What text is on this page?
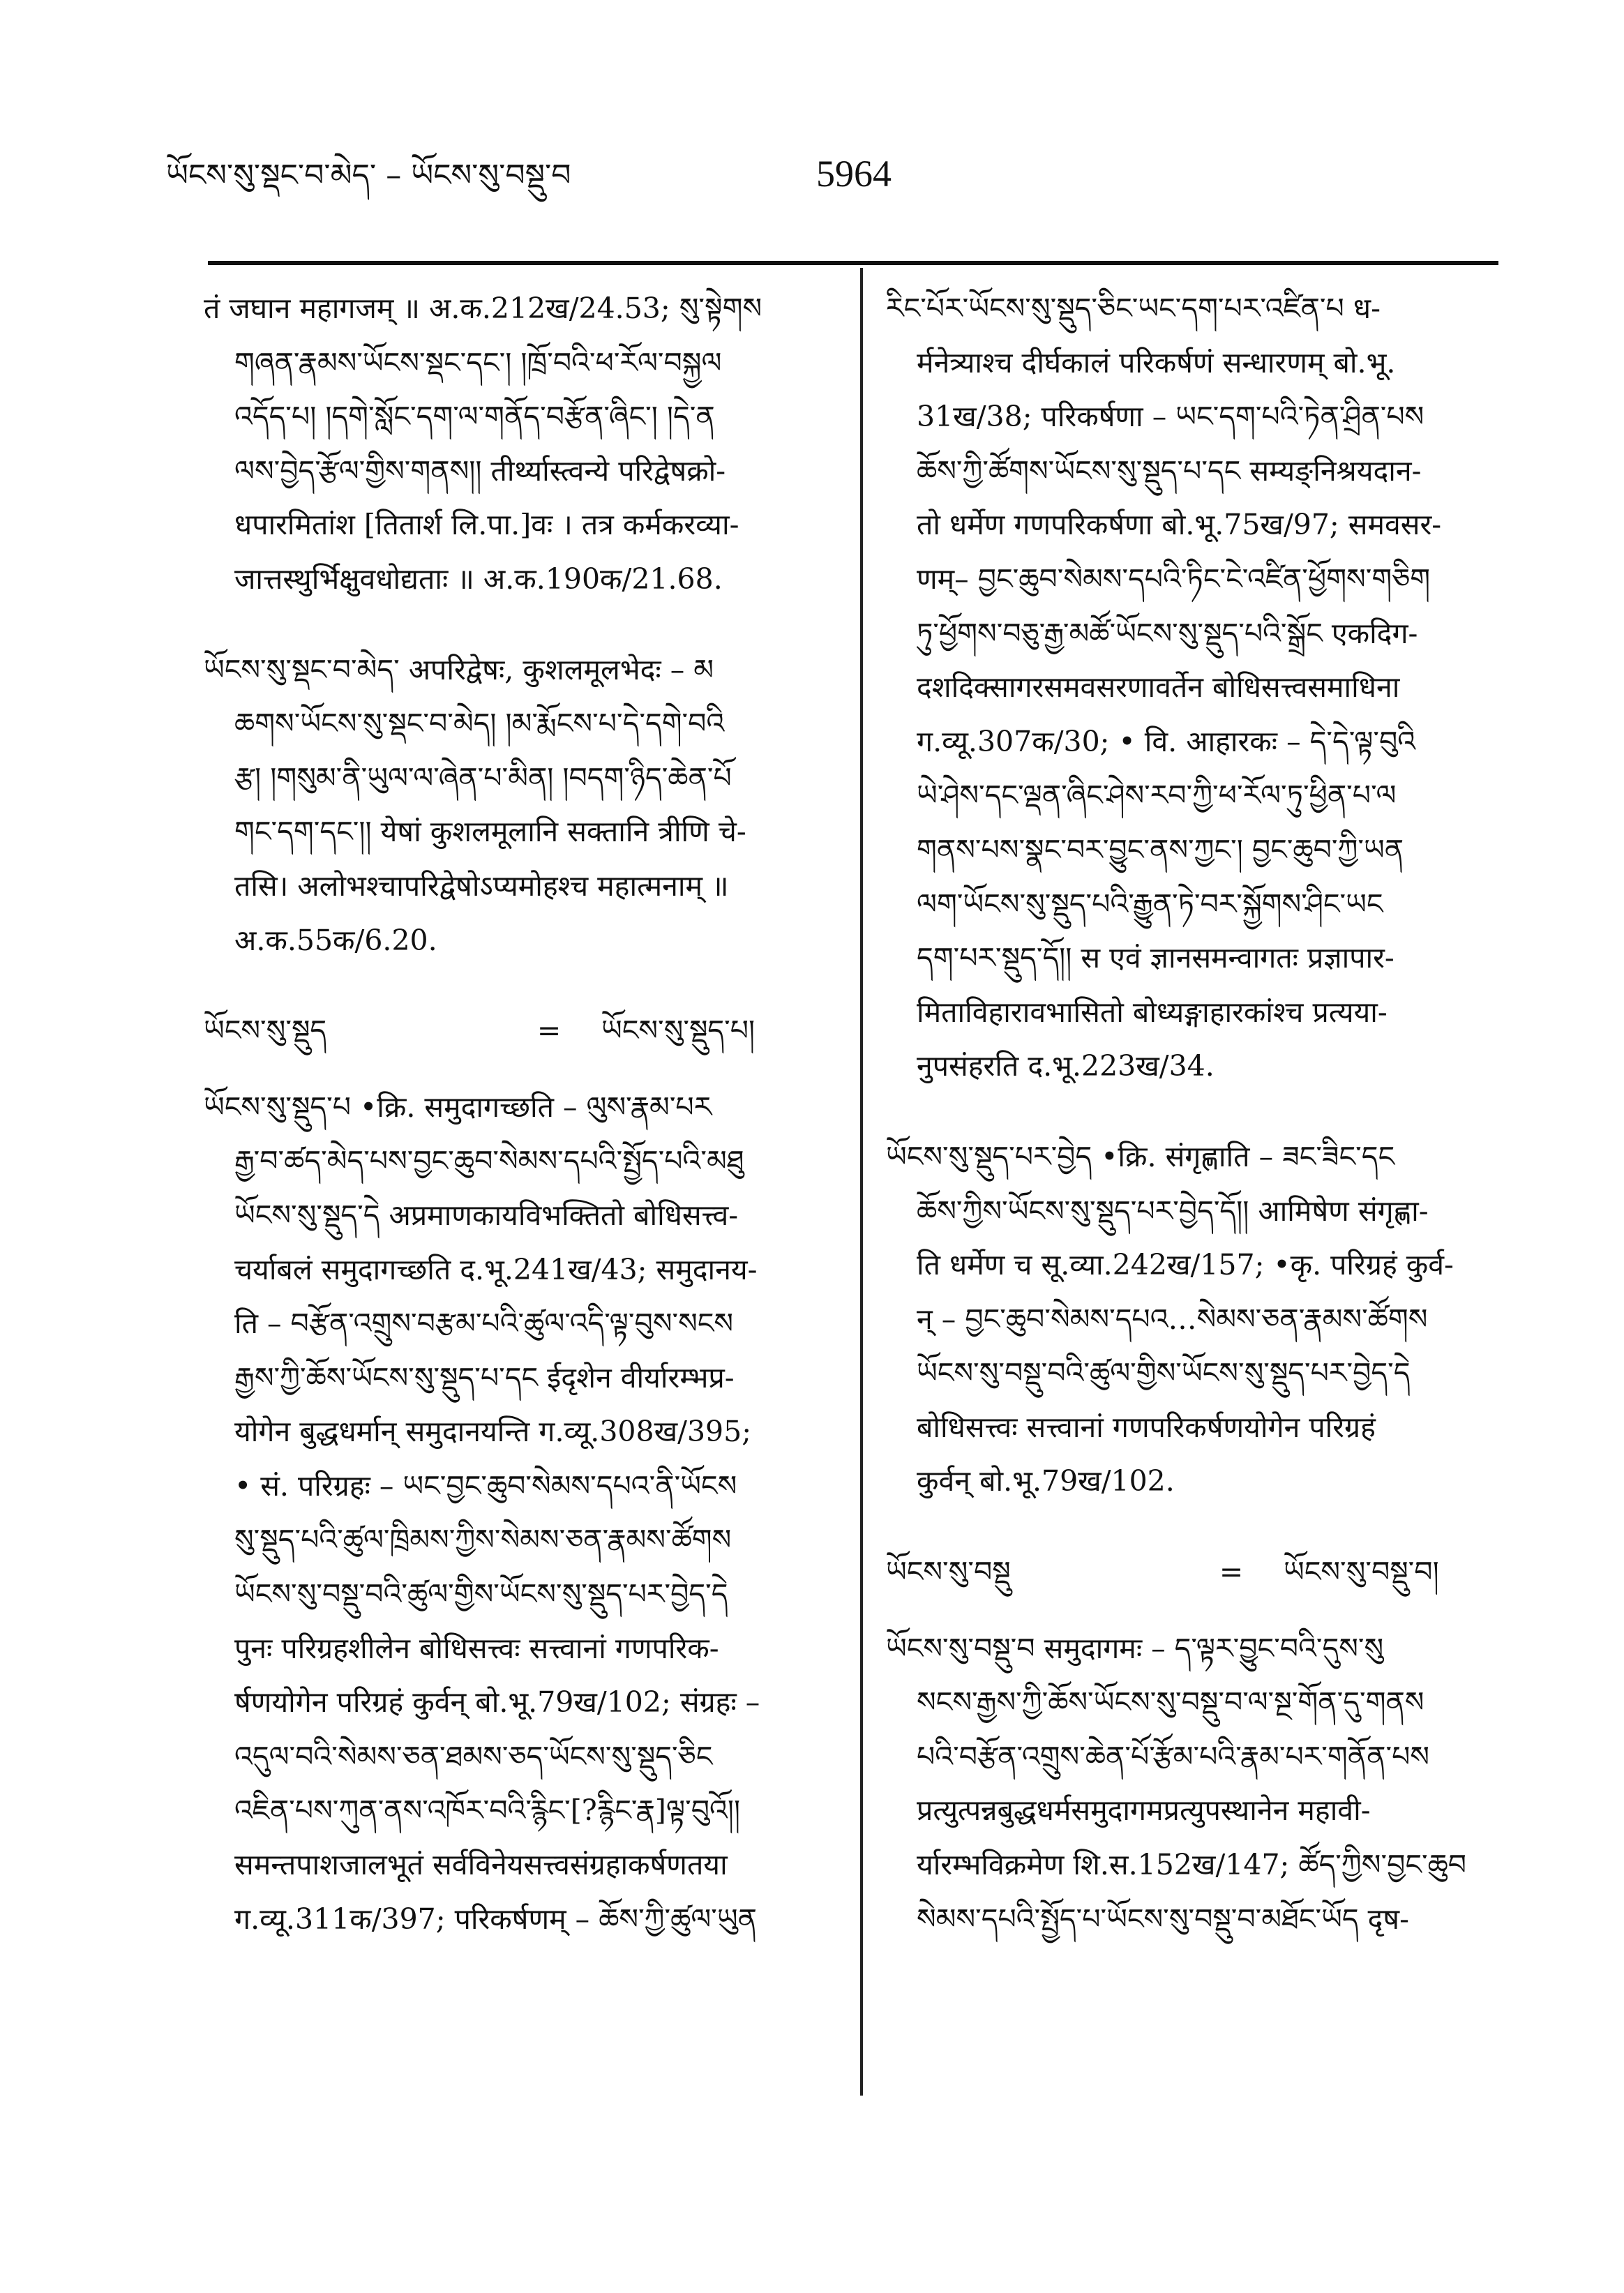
ཡོངས་སུ་སྡང་བ་མེད་ – ཡོངས་སུ་བསྡུ་བ	5964
तं जघान महागजम् ॥ अ.क.212ख/24.53; སུ་སྟེགས
གཞན་རྣམས་ཡོངས་སྡང་དང་། །ཁྲོ་བའི་ཕ་རོལ་བསྐྱལ
འདོད་པ། །དགེ་སློང་དག་ལ་གནོད་བརྩོན་ཞིང་། །དེ་ན
ལས་བྱེད་རྩོལ་གྱིས་གནས།། तीर्थ्यास्त्वन्ये परिद्वेषक्रो-
धपारमितांश [तितार्श लि.पा.]वः । तत्र कर्मकरव्या-
जात्तस्थुर्भिक्षुवधोद्यताः ॥ अ.क.190क/21.68.
ཡོངས་སུ་སྡང་བ་མེད་ अपरिद्वेषः, कुशलमूलभेदः – མ
ཆགས་ཡོངས་སུ་སྡང་བ་མེད། །མ་རྨོངས་པ་དེ་དགེ་བའི
རྩ། །གསུམ་ནི་ཡུལ་ལ་ཞེན་པ་མིན། །བདག་ཉིད་ཆེན་པོ
གང་དག་དང་།། येषां कुशलमूलानि सक्तानि त्रीणि चे-
तसि। अलोभश्चापरिद्वेषोऽप्यमोहश्च महात्मनाम् ॥
अ.क.55क/6.20.
ཡོངས་སུ་སྡུད	=	ཡོངས་སུ་སྡུད་པ།
ཡོངས་སུ་སྡུད་པ •क्रि. समुदागच्छति – ལུས་རྣམ་པར
རྒྱ་བ་ཚད་མེད་པས་བྱང་ཆུབ་སེམས་དཔའི་སྤྱོད་པའི་མཐུ
ཡོངས་སུ་སྡུད་དེ अप्रमाणकायविभक्तितो बोधिसत्त्व-
चर्याबलं समुदागच्छति द.भू.241ख/43; समुदानय-
ति – བརྩོན་འགྲུས་བརྩམ་པའི་ཚུལ་འདི་ལྟ་བུས་སངས
རྒྱས་ཀྱི་ཆོས་ཡོངས་སུ་སྡུད་པ་དང ईदृशेन वीर्यारम्भप्र-
योगेन बुद्धधर्मान् समुदानयन्ति ग.व्यू.308ख/395;
• सं. परिग्रहः – ཡང་བྱང་ཆུབ་སེམས་དཔའ་ནི་ཡོངས
སུ་སྡུད་པའི་ཚུལ་ཁྲིམས་ཀྱིས་སེམས་ཅན་རྣམས་ཚོགས
ཡོངས་སུ་བསྡུ་བའི་ཚུལ་གྱིས་ཡོངས་སུ་སྡུད་པར་བྱེད་དེ
पुनः परिग्रहशीलेन बोधिसत्त्वः सत्त्वानां गणपरिक-
र्षणयोगेन परिग्रहं कुर्वन् बो.भू.79ख/102; संग्रहः –
འདུལ་བའི་སེམས་ཅན་ཐམས་ཅད་ཡོངས་སུ་སྡུད་ཅིང
འཇིན་པས་ཀུན་ནས་འཁོར་བའི་རྙིང་[?རྙིང་རྣ]ལྟ་བུའོ།།
समन्तपाशजालभूतं सर्वविनेयसत्त्वसंग्रहाकर्षणतया
ग.व्यू.311क/397; परिकर्षणम् – ཆོས་ཀྱི་ཚུལ་ཡུན
རིང་པོར་ཡོངས་སུ་སྡུད་ཅིང་ཡང་དག་པར་འཛིན་པ ध-
र्मनेत्र्याश्च दीर्घकालं परिकर्षणं सन्धारणम् बो.भू.
31ख/38; परिकर्षणा – ཡང་དག་པའི་ཏེན་ཤྲིན་པས
ཆོས་ཀྱི་ཚོགས་ཡོངས་སུ་སྡུད་པ་དང सम्यङ्निश्रयदान-
तो धर्मेण गणपरिकर्षणा बो.भू.75ख/97; समवसर-
णम्– བྱང་ཆུབ་སེམས་དཔའི་ཏིང་ངེ་འཛིན་ཕྱོགས་གཅིག
ཏུ་ཕྱོགས་བཅུ་རྒྱ་མཚོ་ཡོངས་སུ་སྡུད་པའི་སྒྲོང एकदिग-
दशदिक्सागरसमवसरणावर्तेन बोधिसत्त्वसमाधिना
ग.व्यू.307क/30; • वि. आहारकः – དེ་དེ་ལྟ་བུའི
ཡེ་ཤེས་དང་ལྡན་ཞིང་ཤེས་རབ་ཀྱི་ཕ་རོལ་ཏུ་ཕྱིན་པ་ལ
གནས་པས་སྣང་བར་བྱུང་ནས་ཀྱང་། བྱང་ཆུབ་ཀྱི་ཡན
ལག་ཡོངས་སུ་སྡུད་པའི་རྒྱུན་ཏེ་བར་སྐྱོགས་ཤིང་ཡང
དག་པར་སྡུད་དོ།། स एवं ज्ञानसमन्वागतः प्रज्ञापार-
मिताविहारावभासितो बोध्यङ्गाहारकांश्च प्रत्यया-
नुपसंहरति द.भू.223ख/34.
ཡོངས་སུ་སྡུད་པར་བྱེད •क्रि. संगृह्णाति – ཟང་ཟིང་དང
ཆོས་ཀྱིས་ཡོངས་སུ་སྡུད་པར་བྱེད་དོ།། आमिषेण संगृह्णा-
ति धर्मेण च सू.व्या.242ख/157; •कृ. परिग्रहं कुर्व-
न् – བྱང་ཆུབ་སེམས་དཔའ…སེམས་ཅན་རྣམས་ཚོགས
ཡོངས་སུ་བསྡུ་བའི་ཚུལ་གྱིས་ཡོངས་སུ་སྡུད་པར་བྱེད་དེ
बोधिसत्त्वः सत्त्वानां गणपरिकर्षणयोगेन परिग्रहं
कुर्वन् बो.भू.79ख/102.
ཡོངས་སུ་བསྡུ	=	ཡོངས་སུ་བསྡུ་བ།
ཡོངས་སུ་བསྡུ་བ समुदागमः – ད་ལྟར་བྱུང་བའི་དུས་སུ
སངས་རྒྱས་ཀྱི་ཆོས་ཡོངས་སུ་བསྡུ་བ་ལ་སྔ་གོན་དུ་གནས
པའི་བརྩོན་འགྲུས་ཆེན་པོ་རྩོམ་པའི་རྣམ་པར་གནོན་པས
प्रत्युत्पन्नबुद्धधर्मसमुदागमप्रत्युपस्थानेन महावी-
र्यारम्भविक्रमेण शि.स.152ख/147; ཚོད་ཀྱིས་བྱང་ཆུབ
སེམས་དཔའི་སྤྱོད་པ་ཡོངས་སུ་བསྡུ་བ་མཐོང་ཡོད दृष-
